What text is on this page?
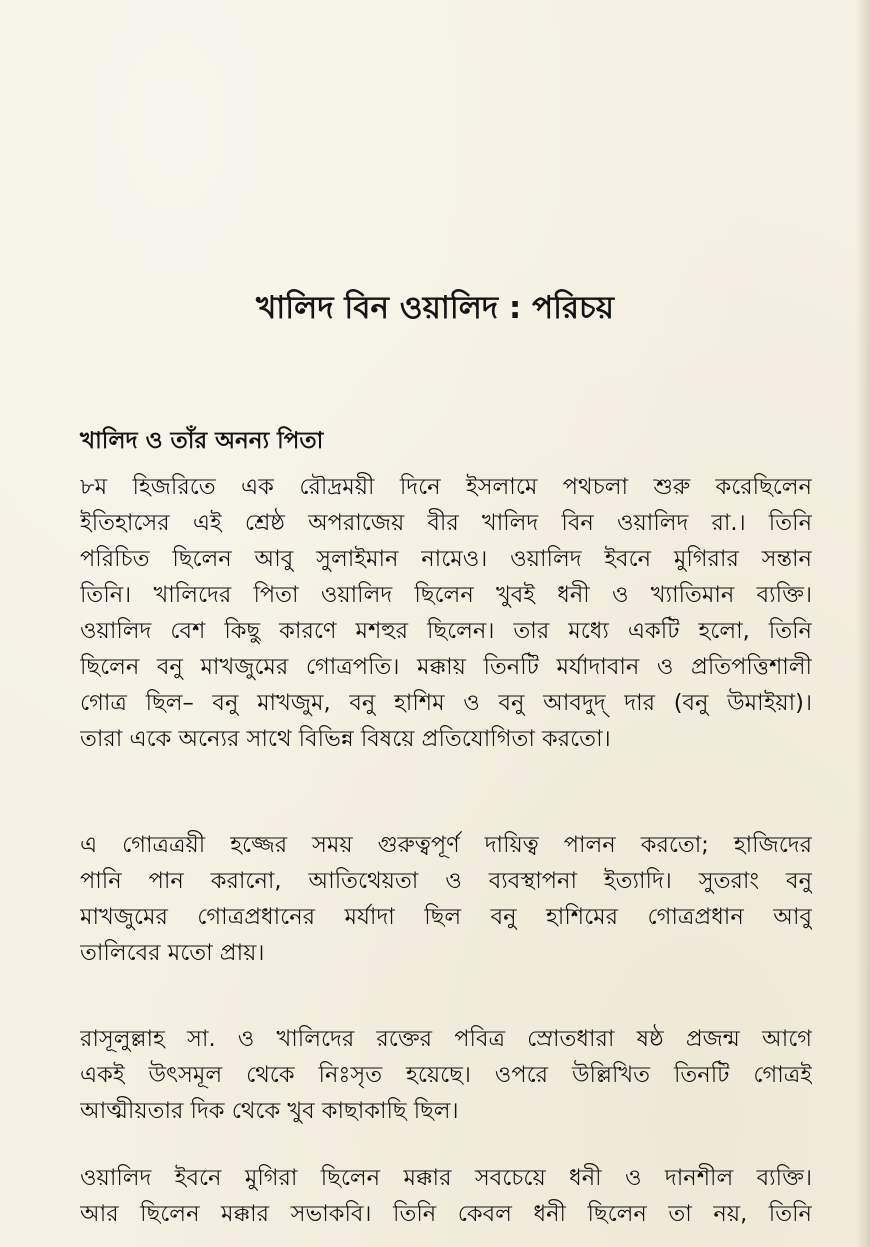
খালিদ বিন ওয়ালিদ : পরিচয়
খালিদ ও তাঁর অনন্য পিতা

৮ম হিজরিতে এক রৌদ্রময়ী দিনে ইসলামে পথচলা শুরু করেছিলেন

ইতিহাসের এই শ্রেষ্ঠ অপরাজেয় বীর খালিদ বিন ওয়ালিদ রা.। তিনি

পরিচিত ছিলেন আবু সুলাইমান নামেও। ওয়ালিদ ইবনে মুগিরার সন্তান

তিনি। খালিদের পিতা ওয়ালিদ ছিলেন খুবই ধনী ও খ্যাতিমান ব্যক্তি।

ওয়ালিদ বেশ কিছু কারণে মশহুর ছিলেন। তার মধ্যে একটি হলো, তিনি

ছিলেন বনু মাখজুমের গোত্রপতি। মক্কায় তিনটি মর্যাদাবান ও প্রতিপত্তিশালী

গোত্র ছিল– বনু মাখজুম, বনু হাশিম ও বনু আবদুদ্ দার (বনু উমাইয়া)।

তারা একে অন্যের সাথে বিভিন্ন বিষয়ে প্রতিযোগিতা করতো।

এ গোত্রত্রয়ী হজ্জের সময় গুরুত্বপূর্ণ দায়িত্ব পালন করতো; হাজিদের

পানি পান করানো, আতিথেয়তা ও ব্যবস্থাপনা ইত্যাদি। সুতরাং বনু

মাখজুমের গোত্রপ্রধানের মর্যাদা ছিল বনু হাশিমের গোত্রপ্রধান আবু

তালিবের মতো প্রায়।

রাসূলুল্লাহ সা. ও খালিদের রক্তের পবিত্র স্রোতধারা ষষ্ঠ প্রজন্ম আগে

একই উৎসমূল থেকে নিঃসৃত হয়েছে। ওপরে উল্লিখিত তিনটি গোত্রই

আত্মীয়তার দিক থেকে খুব কাছাকাছি ছিল।

ওয়ালিদ ইবনে মুগিরা ছিলেন মক্কার সবচেয়ে ধনী ও দানশীল ব্যক্তি।

আর ছিলেন মক্কার সভাকবি। তিনি কেবল ধনী ছিলেন তা নয়, তিনি
